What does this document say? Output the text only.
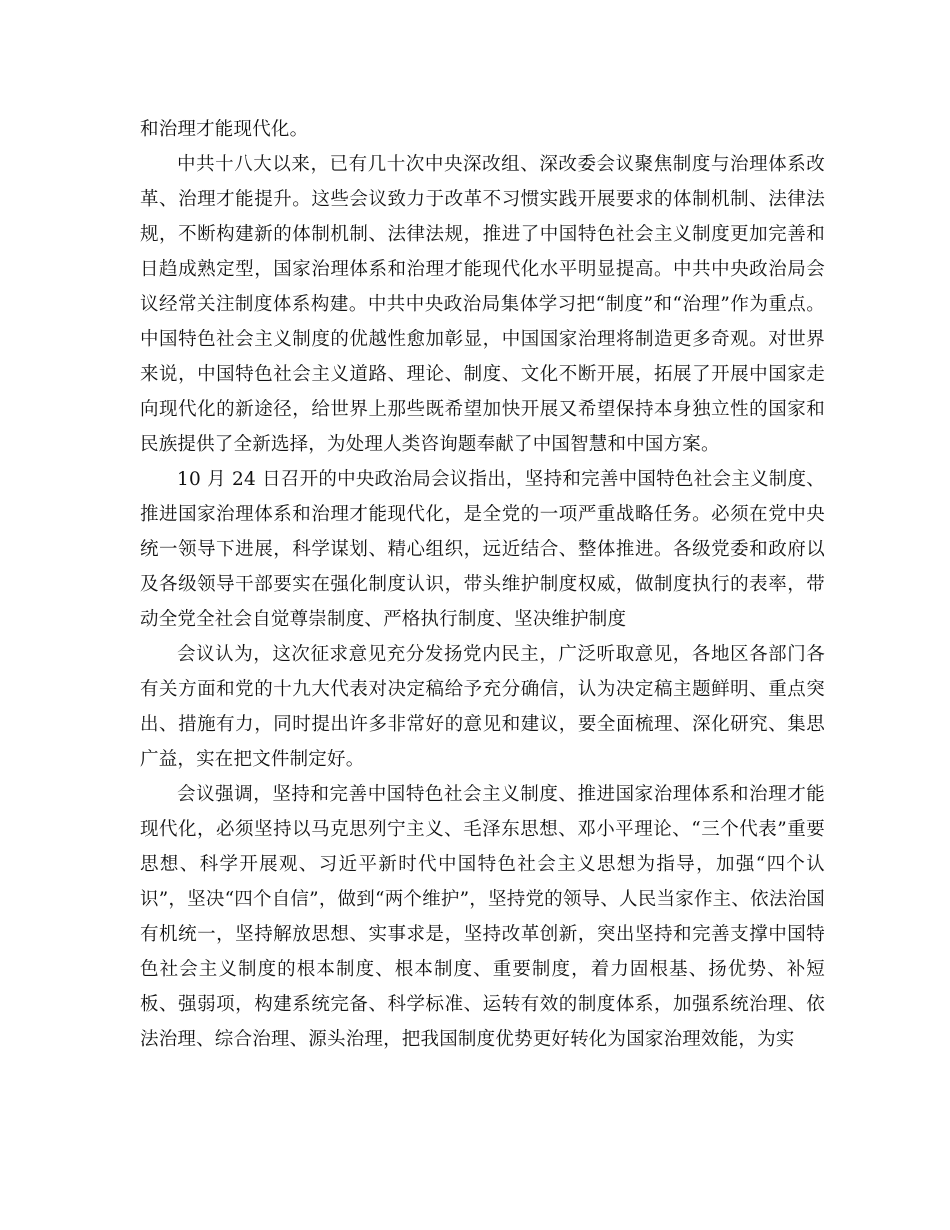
和治理才能现代化。

中共十八大以来，已有几十次中央深改组、深改委会议聚焦制度与治理体系改革、治理才能提升。这些会议致力于改革不习惯实践开展要求的体制机制、法律法规，不断构建新的体制机制、法律法规，推进了中国特色社会主义制度更加完善和日趋成熟定型，国家治理体系和治理才能现代化水平明显提高。中共中央政治局会议经常关注制度体系构建。中共中央政治局集体学习把“制度”和“治理”作为重点。中国特色社会主义制度的优越性愈加彰显，中国国家治理将制造更多奇观。对世界来说，中国特色社会主义道路、理论、制度、文化不断开展，拓展了开展中国家走向现代化的新途径，给世界上那些既希望加快开展又希望保持本身独立性的国家和民族提供了全新选择，为处理人类咨询题奉献了中国智慧和中国方案。

10 月 24 日召开的中央政治局会议指出，坚持和完善中国特色社会主义制度、推进国家治理体系和治理才能现代化，是全党的一项严重战略任务。必须在党中央统一领导下进展，科学谋划、精心组织，远近结合、整体推进。各级党委和政府以及各级领导干部要实在强化制度认识，带头维护制度权威，做制度执行的表率，带动全党全社会自觉尊崇制度、严格执行制度、坚决维护制度

会议认为，这次征求意见充分发扬党内民主，广泛听取意见，各地区各部门各有关方面和党的十九大代表对决定稿给予充分确信，认为决定稿主题鲜明、重点突出、措施有力，同时提出许多非常好的意见和建议，要全面梳理、深化研究、集思广益，实在把文件制定好。

会议强调，坚持和完善中国特色社会主义制度、推进国家治理体系和治理才能现代化，必须坚持以马克思列宁主义、毛泽东思想、邓小平理论、“三个代表”重要思想、科学开展观、习近平新时代中国特色社会主义思想为指导，加强“四个认识”，坚决“四个自信”，做到“两个维护”，坚持党的领导、人民当家作主、依法治国有机统一，坚持解放思想、实事求是，坚持改革创新，突出坚持和完善支撑中国特色社会主义制度的根本制度、根本制度、重要制度，着力固根基、扬优势、补短板、强弱项，构建系统完备、科学标准、运转有效的制度体系，加强系统治理、依法治理、综合治理、源头治理，把我国制度优势更好转化为国家治理效能，为实
